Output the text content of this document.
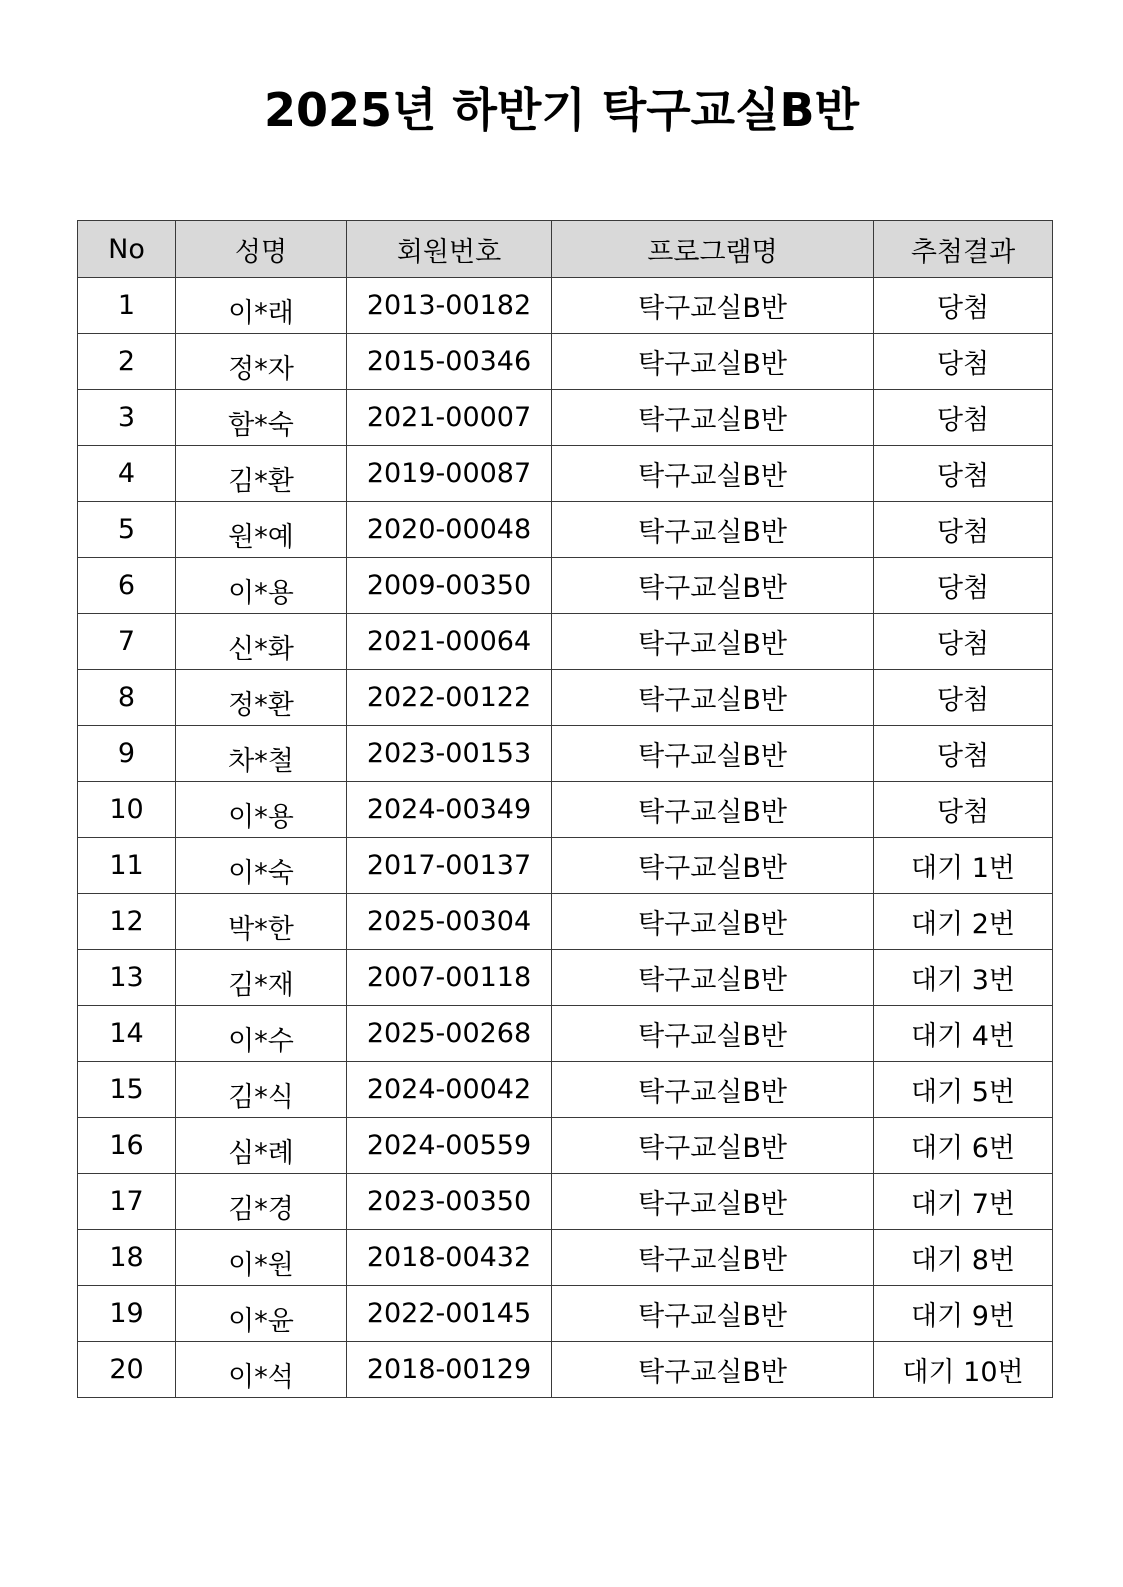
2025년 하반기 탁구교실B반
No	성명	회원번호	프로그램명	추첨결과
1	이*래	2013-00182	탁구교실B반	당첨
2	정*자	2015-00346	탁구교실B반	당첨
3	함*숙	2021-00007	탁구교실B반	당첨
4	김*환	2019-00087	탁구교실B반	당첨
5	원*예	2020-00048	탁구교실B반	당첨
6	이*용	2009-00350	탁구교실B반	당첨
7	신*화	2021-00064	탁구교실B반	당첨
8	정*환	2022-00122	탁구교실B반	당첨
9	차*철	2023-00153	탁구교실B반	당첨
10	이*용	2024-00349	탁구교실B반	당첨
11	이*숙	2017-00137	탁구교실B반	대기 1번
12	박*한	2025-00304	탁구교실B반	대기 2번
13	김*재	2007-00118	탁구교실B반	대기 3번
14	이*수	2025-00268	탁구교실B반	대기 4번
15	김*식	2024-00042	탁구교실B반	대기 5번
16	심*례	2024-00559	탁구교실B반	대기 6번
17	김*경	2023-00350	탁구교실B반	대기 7번
18	이*원	2018-00432	탁구교실B반	대기 8번
19	이*윤	2022-00145	탁구교실B반	대기 9번
20	이*석	2018-00129	탁구교실B반	대기 10번
